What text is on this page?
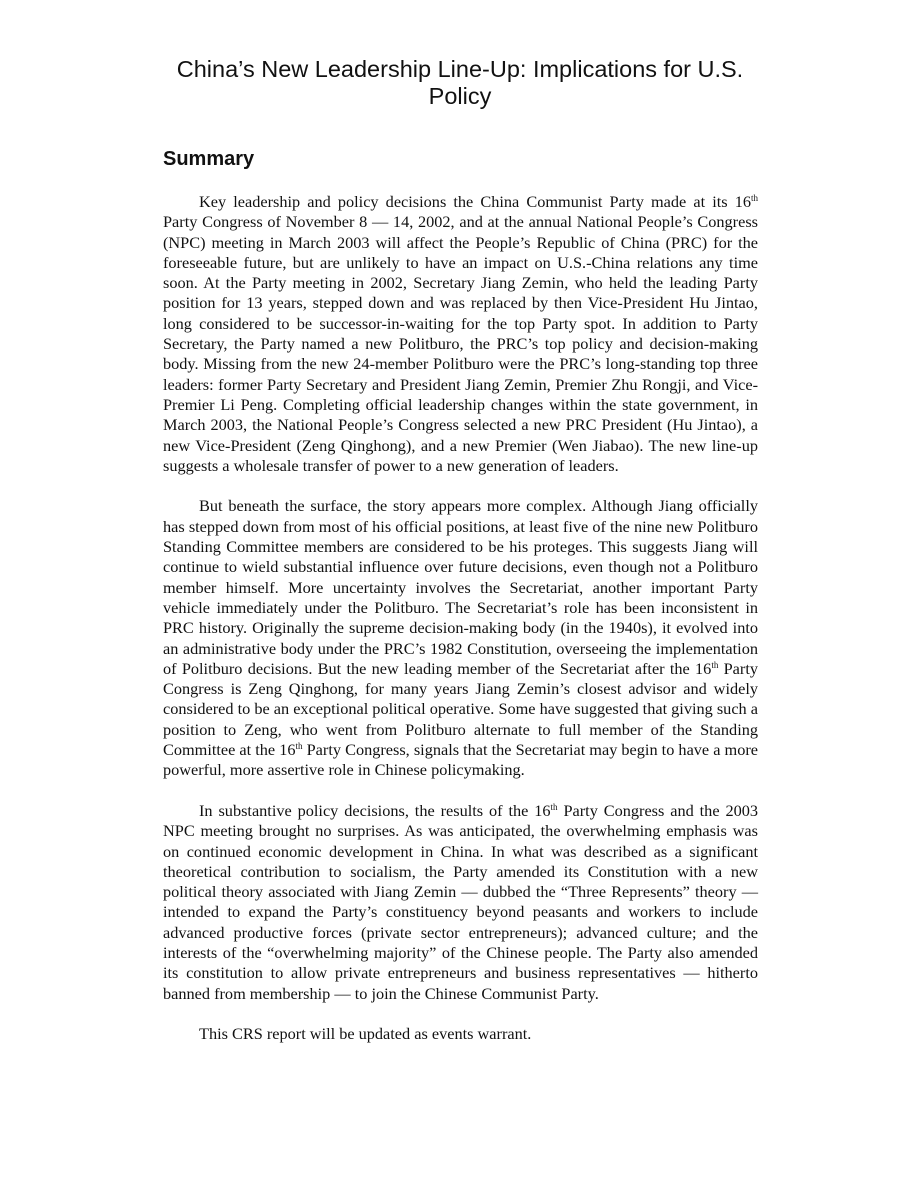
China’s New Leadership Line-Up: Implications for U.S. Policy
Summary

Key leadership and policy decisions the China Communist Party made at its 16th Party Congress of November 8 — 14, 2002, and at the annual National People’s Congress (NPC) meeting in March 2003 will affect the People’s Republic of China (PRC) for the foreseeable future, but are unlikely to have an impact on U.S.-China relations any time soon. At the Party meeting in 2002, Secretary Jiang Zemin, who held the leading Party position for 13 years, stepped down and was replaced by then Vice-President Hu Jintao, long considered to be successor-in-waiting for the top Party spot. In addition to Party Secretary, the Party named a new Politburo, the PRC’s top policy and decision-making body. Missing from the new 24-member Politburo were the PRC’s long-standing top three leaders: former Party Secretary and President Jiang Zemin, Premier Zhu Rongji, and Vice-Premier Li Peng. Completing official leadership changes within the state government, in March 2003, the National People’s Congress selected a new PRC President (Hu Jintao), a new Vice-President (Zeng Qinghong), and a new Premier (Wen Jiabao). The new line-up suggests a wholesale transfer of power to a new generation of leaders.

But beneath the surface, the story appears more complex. Although Jiang officially has stepped down from most of his official positions, at least five of the nine new Politburo Standing Committee members are considered to be his proteges. This suggests Jiang will continue to wield substantial influence over future decisions, even though not a Politburo member himself. More uncertainty involves the Secretariat, another important Party vehicle immediately under the Politburo. The Secretariat’s role has been inconsistent in PRC history. Originally the supreme decision-making body (in the 1940s), it evolved into an administrative body under the PRC’s 1982 Constitution, overseeing the implementation of Politburo decisions. But the new leading member of the Secretariat after the 16th Party Congress is Zeng Qinghong, for many years Jiang Zemin’s closest advisor and widely considered to be an exceptional political operative. Some have suggested that giving such a position to Zeng, who went from Politburo alternate to full member of the Standing Committee at the 16th Party Congress, signals that the Secretariat may begin to have a more powerful, more assertive role in Chinese policymaking.

In substantive policy decisions, the results of the 16th Party Congress and the 2003 NPC meeting brought no surprises. As was anticipated, the overwhelming emphasis was on continued economic development in China. In what was described as a significant theoretical contribution to socialism, the Party amended its Constitution with a new political theory associated with Jiang Zemin — dubbed the “Three Represents” theory — intended to expand the Party’s constituency beyond peasants and workers to include advanced productive forces (private sector entrepreneurs); advanced culture; and the interests of the “overwhelming majority” of the Chinese people. The Party also amended its constitution to allow private entrepreneurs and business representatives — hitherto banned from membership — to join the Chinese Communist Party.

This CRS report will be updated as events warrant.
